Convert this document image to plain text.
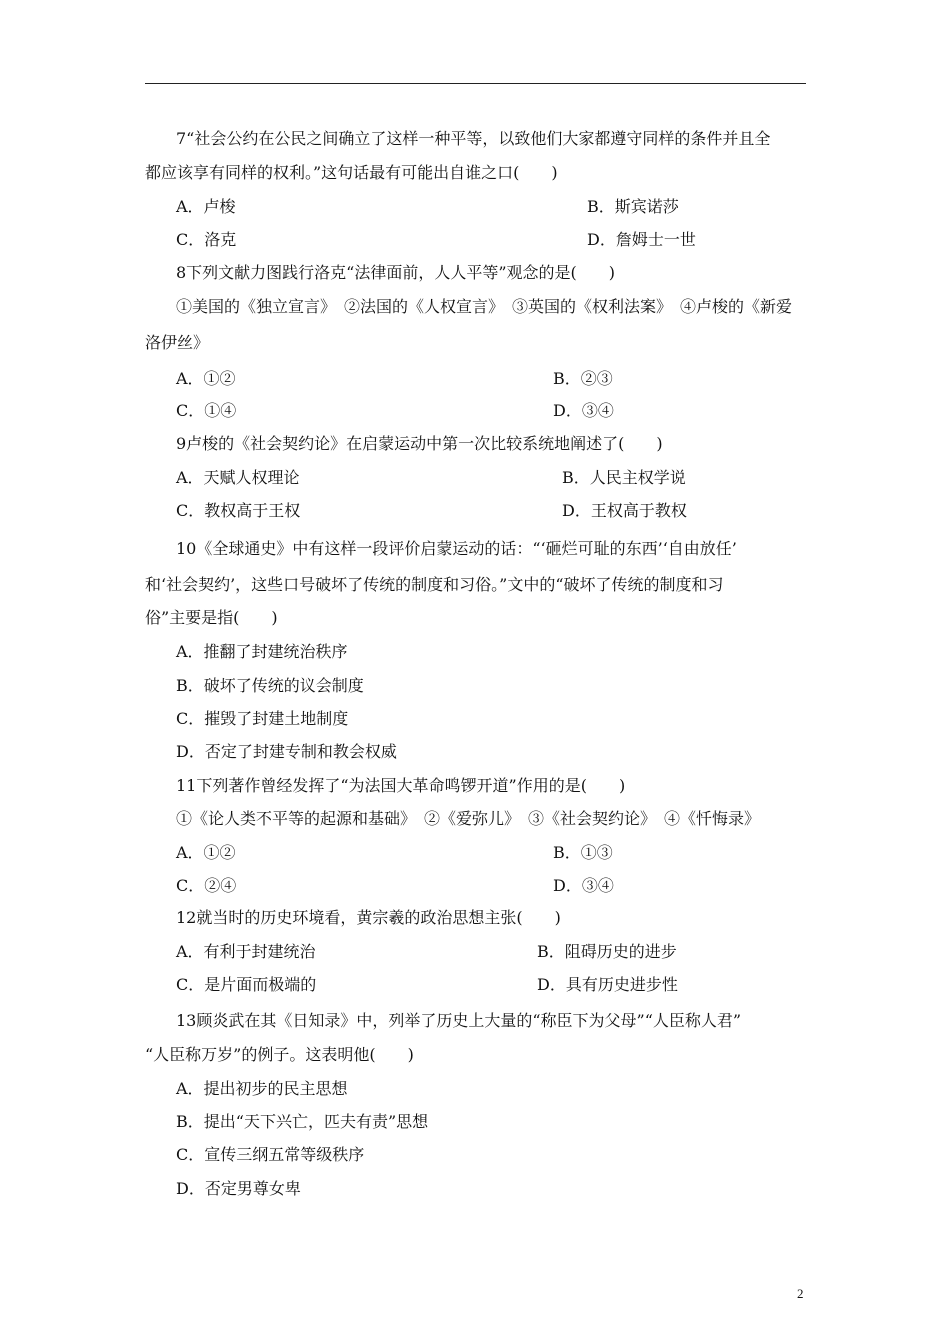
7“社会公约在公民之间确立了这样一种平等，以致他们大家都遵守同样的条件并且全
都应该享有同样的权利。”这句话最有可能出自谁之口(　　)
A．卢梭	B．斯宾诺莎
C．洛克	D．詹姆士一世
8下列文献力图践行洛克“法律面前，人人平等”观念的是(　　)
①美国的《独立宣言》　②法国的《人权宣言》　③英国的《权利法案》　④卢梭的《新爱
洛伊丝》
A．①②	B．②③
C．①④	D．③④
9卢梭的《社会契约论》在启蒙运动中第一次比较系统地阐述了(　　)
A．天赋人权理论	B．人民主权学说
C．教权高于王权	D．王权高于教权
10《全球通史》中有这样一段评价启蒙运动的话：“‘砸烂可耻的东西’‘自由放任’
和‘社会契约’，这些口号破坏了传统的制度和习俗。”文中的“破坏了传统的制度和习
俗”主要是指(　　)
A．推翻了封建统治秩序
B．破坏了传统的议会制度
C．摧毁了封建土地制度
D．否定了封建专制和教会权威
11下列著作曾经发挥了“为法国大革命鸣锣开道”作用的是(　　)
①《论人类不平等的起源和基础》　②《爱弥儿》　③《社会契约论》　④《忏悔录》
A．①②	B．①③
C．②④	D．③④
12就当时的历史环境看，黄宗羲的政治思想主张(　　)
A．有利于封建统治	B．阻碍历史的进步
C．是片面而极端的	D．具有历史进步性
13顾炎武在其《日知录》中，列举了历史上大量的“称臣下为父母”“人臣称人君”
“人臣称万岁”的例子。这表明他(　　)
A．提出初步的民主思想
B．提出“天下兴亡，匹夫有责”思想
C．宣传三纲五常等级秩序
D．否定男尊女卑
2
